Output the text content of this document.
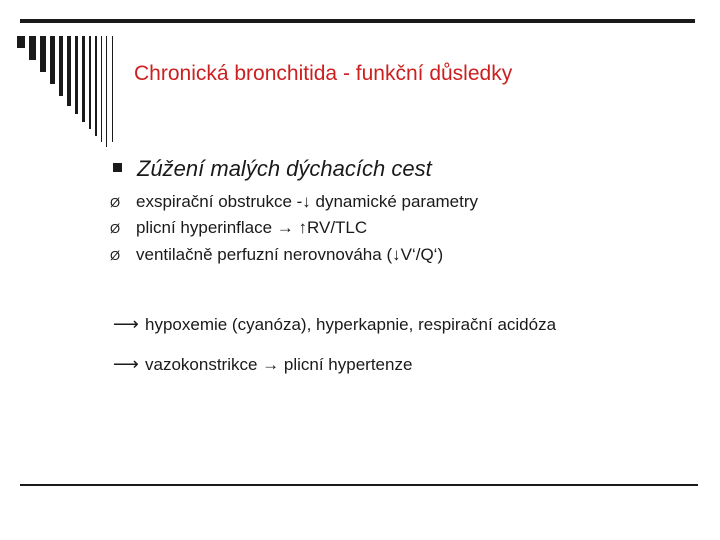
Chronická bronchitida - funkční důsledky
Zúžení malých dýchacích cest
Ø exspirační obstrukce -↓ dynamické parametry
Ø plicní hyperinflace → ↑RV/TLC
Ø ventilačně perfuzní nerovnováha (↓V‘/Q‘)
⟶ hypoxemie (cyanóza), hyperkapnie, respirační acidóza
⟶ vazokonstrikce → plicní hypertenze
